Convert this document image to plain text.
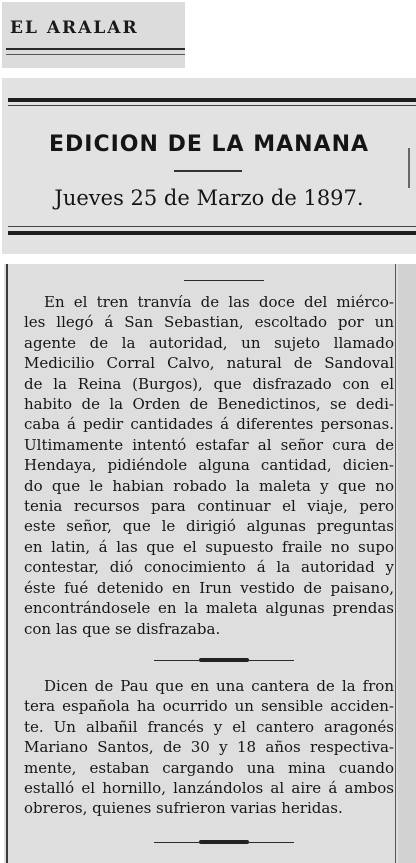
EL ARALAR
EDICION DE LA MANANA
Jueves 25 de Marzo de 1897.
En el tren tranvía de las doce del miérco-
les llegó á San Sebastian, escoltado por un
agente de la autoridad, un sujeto llamado
Medicilio Corral Calvo, natural de Sandoval
de la Reina (Burgos), que disfrazado con el
habito de la Orden de Benedictinos, se dedi-
caba á pedir cantidades á diferentes personas.
Ultimamente intentó estafar al señor cura de
Hendaya, pidiéndole alguna cantidad, dicien-
do que le habian robado la maleta y que no
tenia recursos para continuar el viaje, pero
este señor, que le dirigió algunas preguntas
en latin, á las que el supuesto fraile no supo
contestar, dió conocimiento á la autoridad y
éste fué detenido en Irun vestido de paisano,
encontrándosele en la maleta algunas prendas
con las que se disfrazaba.
Dicen de Pau que en una cantera de la fron
tera española ha ocurrido un sensible acciden-
te. Un albañil francés y el cantero aragonés
Mariano Santos, de 30 y 18 años respectiva-
mente, estaban cargando una mina cuando
estalló el hornillo, lanzándolos al aire á ambos
obreros, quienes sufrieron varias heridas.
